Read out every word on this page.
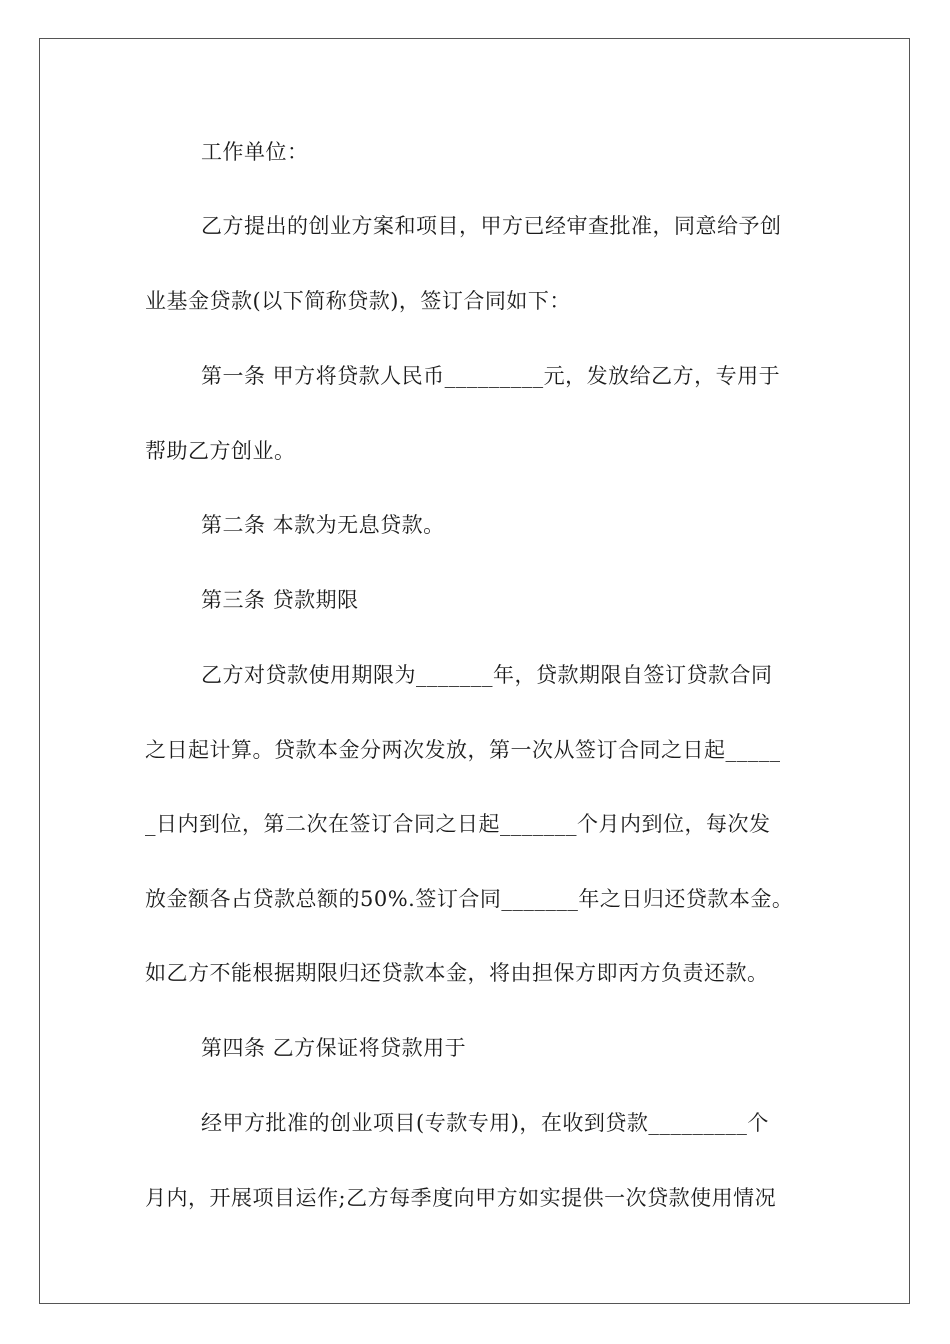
工作单位：
乙方提出的创业方案和项目，甲方已经审查批准，同意给予创
业基金贷款(以下简称贷款)，签订合同如下：
第一条 甲方将贷款人民币_________元，发放给乙方，专用于
帮助乙方创业。
第二条 本款为无息贷款。
第三条 贷款期限
乙方对贷款使用期限为_______年，贷款期限自签订贷款合同
之日起计算。贷款本金分两次发放，第一次从签订合同之日起_____
_日内到位，第二次在签订合同之日起_______个月内到位，每次发
放金额各占贷款总额的50%.签订合同_______年之日归还贷款本金。
如乙方不能根据期限归还贷款本金，将由担保方即丙方负责还款。
第四条 乙方保证将贷款用于
经甲方批准的创业项目(专款专用)，在收到贷款_________个
月内，开展项目运作;乙方每季度向甲方如实提供一次贷款使用情况
